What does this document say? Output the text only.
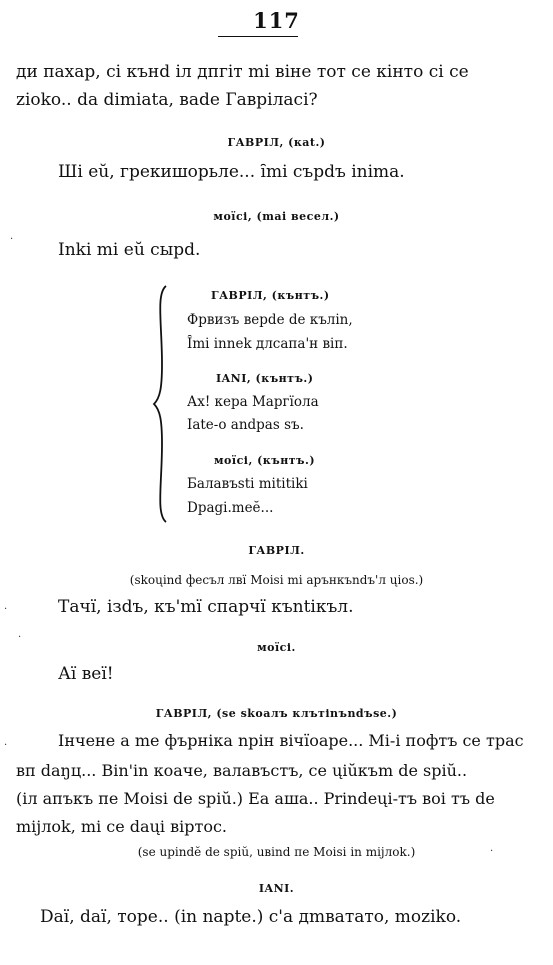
117
ди пахар, сі кънd іл дпгіт mi віне тот се кінто сі се
zioko.. da dimiata, вade Гаврілacі?
ГАВРІЛ, (кat.)
Ші eŭ, грекишорьле... ȋmi съpdъ inima.
моїсі, (mai весел.)
Inki mi eŭ сыpd.
ГАВРІЛ, (кънтъ.)
Фрвизъ верdе de кълin,
Ȋmi innek длсапа'н віп.
IANI, (кънтъ.)
Ах! кера Маргїола
Iate-o andpas sъ.
моїсі, (кънтъ.)
Балавъsti mititiki
Dpagi.meĕ...
ГАВРІЛ.
(skoųind фесъл лвї Moisi mi арънкъndъ'л ųios.)
Тачї, iзdъ, къ'mї спарчї къntiкъл.
моїсі.
Аї веї!
ГАВРІЛ, (se skoaлъ клътіnъndъse.)
Інчене а me фърніка nрін вічїоаре... Mi-i пофтъ се трас
вп daŋц... Bin'in коаче, валавъстъ, се ųiŭкъm de spiŭ..
(іл апъкъ пe Moisi de spiŭ.) Еа аша.. Prindeųi-тъ воi тъ de
mijлok, mi ce daųi віртос.
(se upindĕ de spiŭ, uвind пe Moisi in mijлok.)
IANI.
Daï, daï, торе.. (in napte.) с'а дmвататo, moziko.
·
·
·
·
·
